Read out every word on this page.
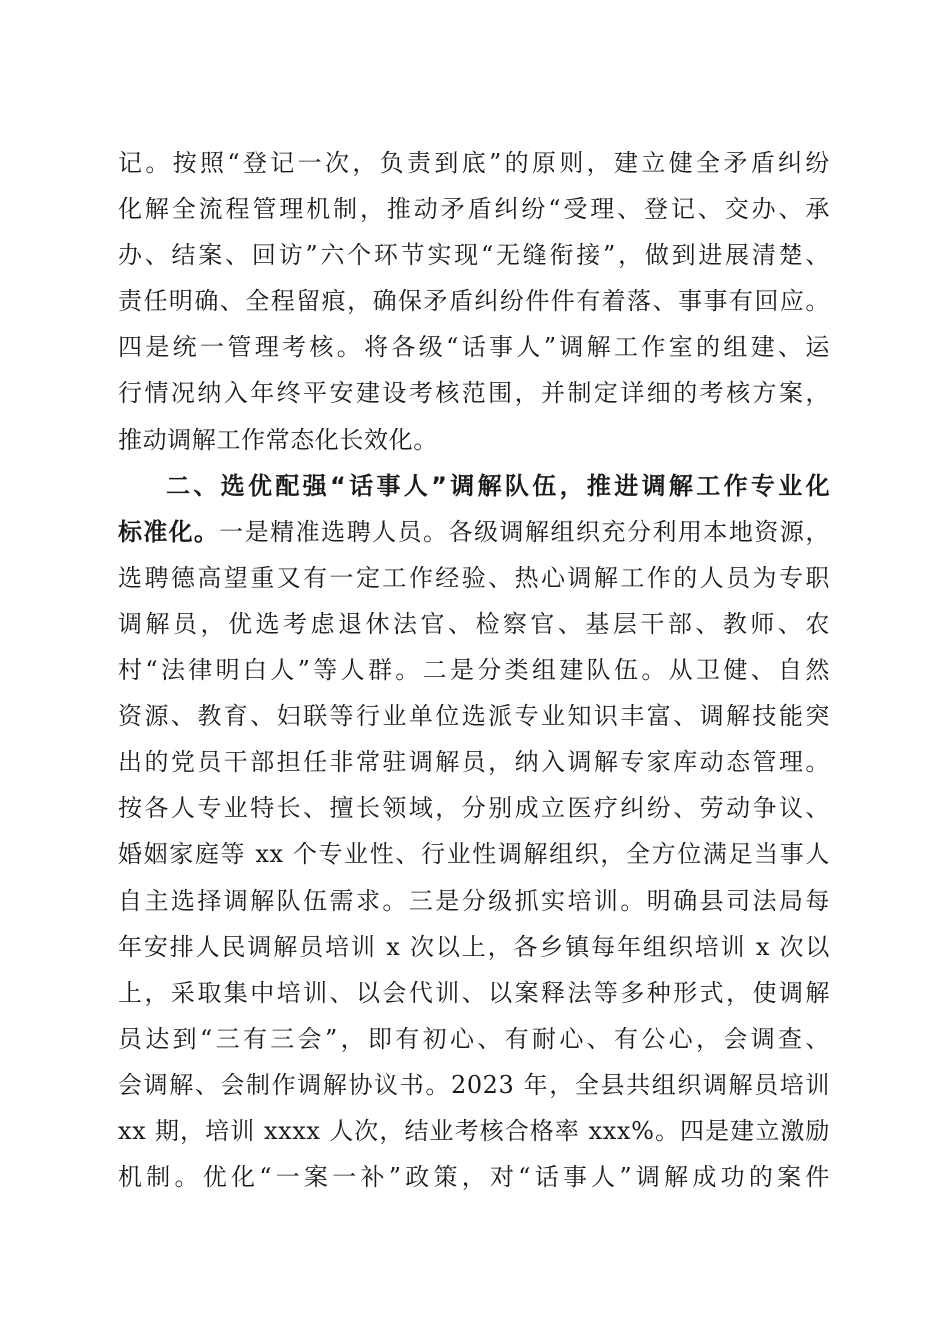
记。按照“登记一次，负责到底”的原则，建立健全矛盾纠纷
化解全流程管理机制，推动矛盾纠纷“受理、登记、交办、承
办、结案、回访”六个环节实现“无缝衔接”，做到进展清楚、
责任明确、全程留痕，确保矛盾纠纷件件有着落、事事有回应。
四是统一管理考核。将各级“话事人”调解工作室的组建、运
行情况纳入年终平安建设考核范围，并制定详细的考核方案，
推动调解工作常态化长效化。
二、选优配强“话事人”调解队伍，推进调解工作专业化
标准化。一是精准选聘人员。各级调解组织充分利用本地资源，
选聘德高望重又有一定工作经验、热心调解工作的人员为专职
调解员，优选考虑退休法官、检察官、基层干部、教师、农
村“法律明白人”等人群。二是分类组建队伍。从卫健、自然
资源、教育、妇联等行业单位选派专业知识丰富、调解技能突
出的党员干部担任非常驻调解员，纳入调解专家库动态管理。
按各人专业特长、擅长领域，分别成立医疗纠纷、劳动争议、
婚姻家庭等 xx 个专业性、行业性调解组织，全方位满足当事人
自主选择调解队伍需求。三是分级抓实培训。明确县司法局每
年安排人民调解员培训 x 次以上，各乡镇每年组织培训 x 次以
上，采取集中培训、以会代训、以案释法等多种形式，使调解
员达到“三有三会”，即有初心、有耐心、有公心，会调查、
会调解、会制作调解协议书。2023 年，全县共组织调解员培训
xx 期，培训 xxxx 人次，结业考核合格率 xxx%。四是建立激励
机制。优化“一案一补”政策，对“话事人”调解成功的案件
